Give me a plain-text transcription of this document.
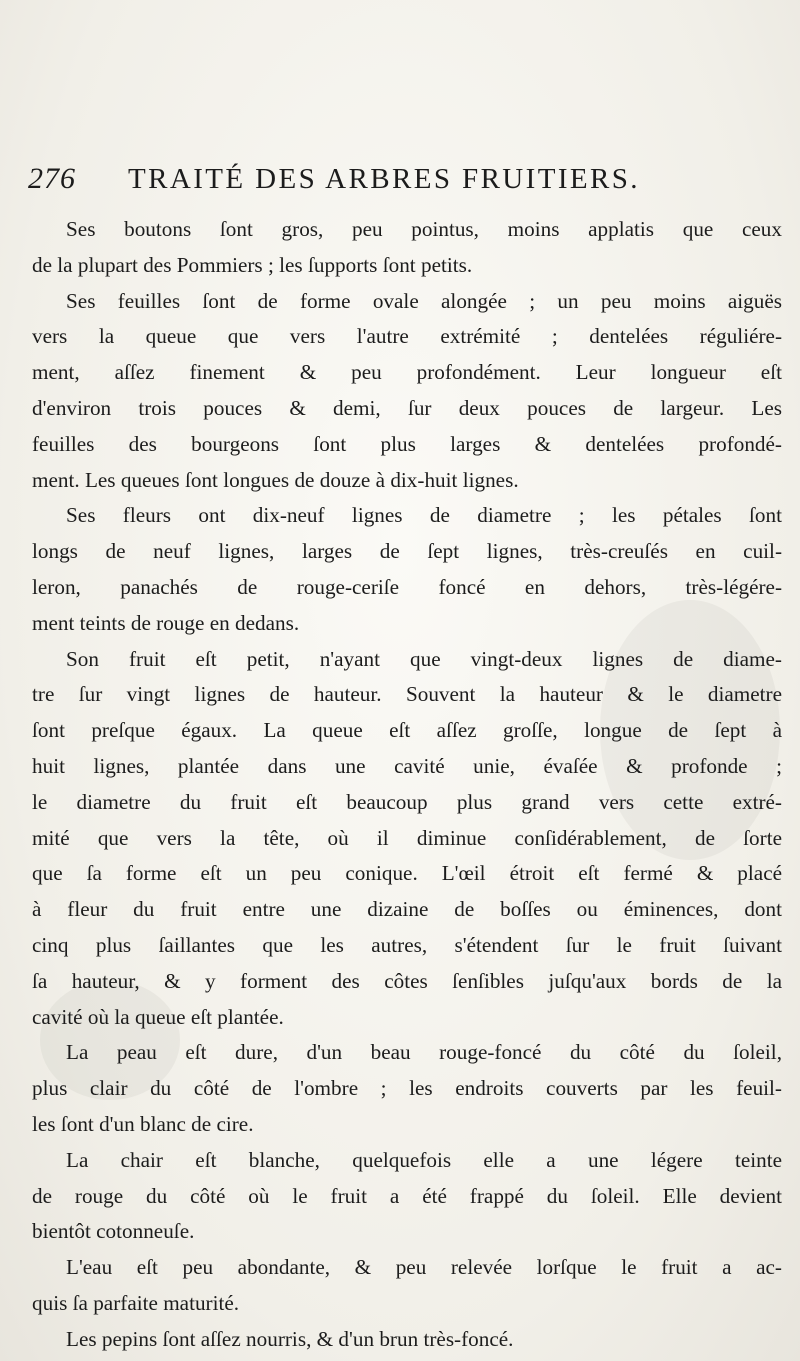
276	TRAITÉ DES ARBRES FRUITIERS.
Ses boutons ſont gros, peu pointus, moins applatis que ceux
de la plupart des Pommiers ; les ſupports ſont petits.
Ses feuilles ſont de forme ovale alongée ; un peu moins aiguës
vers la queue que vers l'autre extrémité ; dentelées réguliére-
ment, aſſez finement & peu profondément. Leur longueur eſt
d'environ trois pouces & demi, ſur deux pouces de largeur. Les
feuilles des bourgeons ſont plus larges & dentelées profondé-
ment. Les queues ſont longues de douze à dix-huit lignes.
Ses fleurs ont dix-neuf lignes de diametre ; les pétales ſont
longs de neuf lignes, larges de ſept lignes, très-creuſés en cuil-
leron, panachés de rouge-ceriſe foncé en dehors, très-légére-
ment teints de rouge en dedans.
Son fruit eſt petit, n'ayant que vingt-deux lignes de diame-
tre ſur vingt lignes de hauteur. Souvent la hauteur & le diametre
ſont preſque égaux. La queue eſt aſſez groſſe, longue de ſept à
huit lignes, plantée dans une cavité unie, évaſée & profonde ;
le diametre du fruit eſt beaucoup plus grand vers cette extré-
mité que vers la tête, où il diminue conſidérablement, de ſorte
que ſa forme eſt un peu conique. L'œil étroit eſt fermé & placé
à fleur du fruit entre une dizaine de boſſes ou éminences, dont
cinq plus ſaillantes que les autres, s'étendent ſur le fruit ſuivant
ſa hauteur, & y forment des côtes ſenſibles juſqu'aux bords de la
cavité où la queue eſt plantée.
La peau eſt dure, d'un beau rouge-foncé du côté du ſoleil,
plus clair du côté de l'ombre ; les endroits couverts par les feuil-
les ſont d'un blanc de cire.
La chair eſt blanche, quelquefois elle a une légere teinte
de rouge du côté où le fruit a été frappé du ſoleil. Elle devient
bientôt cotonneuſe.
L'eau eſt peu abondante, & peu relevée lorſque le fruit a ac-
quis ſa parfaite maturité.
Les pepins ſont aſſez nourris, & d'un brun très-foncé.
